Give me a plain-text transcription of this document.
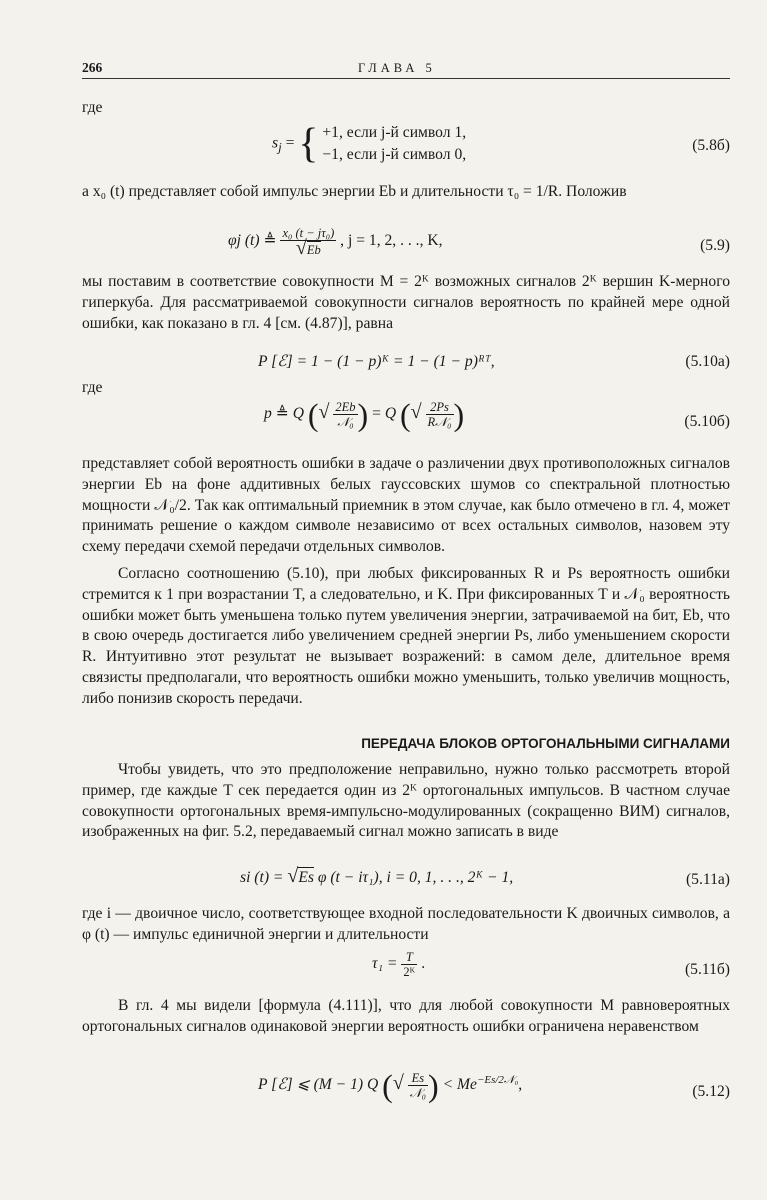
266	ГЛАВА 5
где
$s_j$ = { +1, если j-й символ 1,
−1, если j-й символ 0,
(5.8б)
а x₀ (t) представляет собой импульс энергии Eb и длительности τ₀ = 1/R. Положив
φj (t) ≜ $\frac{\text{x₀ (t − jτ₀)}}{√Eb}$ , j = 1, 2, . . ., K,	(5.9)
мы поставим в соответствие совокупности M = 2ᴷ возможных сигналов 2ᴷ вершин K-мерного гиперкуба. Для рассматриваемой совокупности сигналов вероятность по крайней мере одной ошибки, как показано в гл. 4 [см. (4.87)], равна
P [ℰ] = 1 − (1 − p)ᴷ = 1 − (1 − p)ᴿᵀ,	(5.10а)
где
p ≜ Q (√ $\frac{2Eb}{\text{𝒩₀}}$ ) = Q (√ $\frac{2Ps}{\text{R𝒩₀}}$ )	(5.10б)
представляет собой вероятность ошибки в задаче о различении двух противоположных сигналов энергии Eb на фоне аддитивных белых гауссовских шумов со спектральной плотностью мощности 𝒩₀/2. Так как оптимальный приемник в этом случае, как было отмечено в гл. 4, может принимать решение о каждом символе независимо от всех остальных символов, назовем эту схему передачи схемой передачи отдельных символов.
Согласно соотношению (5.10), при любых фиксированных R и Ps вероятность ошибки стремится к 1 при возрастании T, а следовательно, и K. При фиксированных T и 𝒩₀ вероятность ошибки может быть уменьшена только путем увеличения энергии, затрачиваемой на бит, Eb, что в свою очередь достигается либо увеличением средней энергии Ps, либо уменьшением скорости R. Интуитивно этот результат не вызывает возражений: в самом деле, длительное время связисты предполагали, что вероятность ошибки можно уменьшить, только увеличив мощность, либо понизив скорость передачи.
ПЕРЕДАЧА БЛОКОВ ОРТОГОНАЛЬНЫМИ СИГНАЛАМИ
Чтобы увидеть, что это предположение неправильно, нужно только рассмотреть второй пример, где каждые T сек передается один из 2ᴷ ортогональных импульсов. В частном случае совокупности ортогональных время-импульсно-модулированных (сокращенно ВИМ) сигналов, изображенных на фиг. 5.2, передаваемый сигнал можно записать в виде
si (t) = √Es φ (t − iτ₁), i = 0, 1, . . ., 2ᴷ − 1,	(5.11а)
где i — двоичное число, соответствующее входной последовательности K двоичных символов, а φ (t) — импульс единичной энергии и длительности
$\tau_1 = \frac{T}{\text{2ᴷ}}$ .	(5.11б)
В гл. 4 мы видели [формула (4.111)], что для любой совокупности M равновероятных ортогональных сигналов одинаковой энергии вероятность ошибки ограничена неравенством
P [ℰ] ⩽ (M − 1) Q (√ $\frac{Es}{\text{𝒩₀}}$ ) < $Me^{-Es/2𝒩_0}$,	(5.12)
